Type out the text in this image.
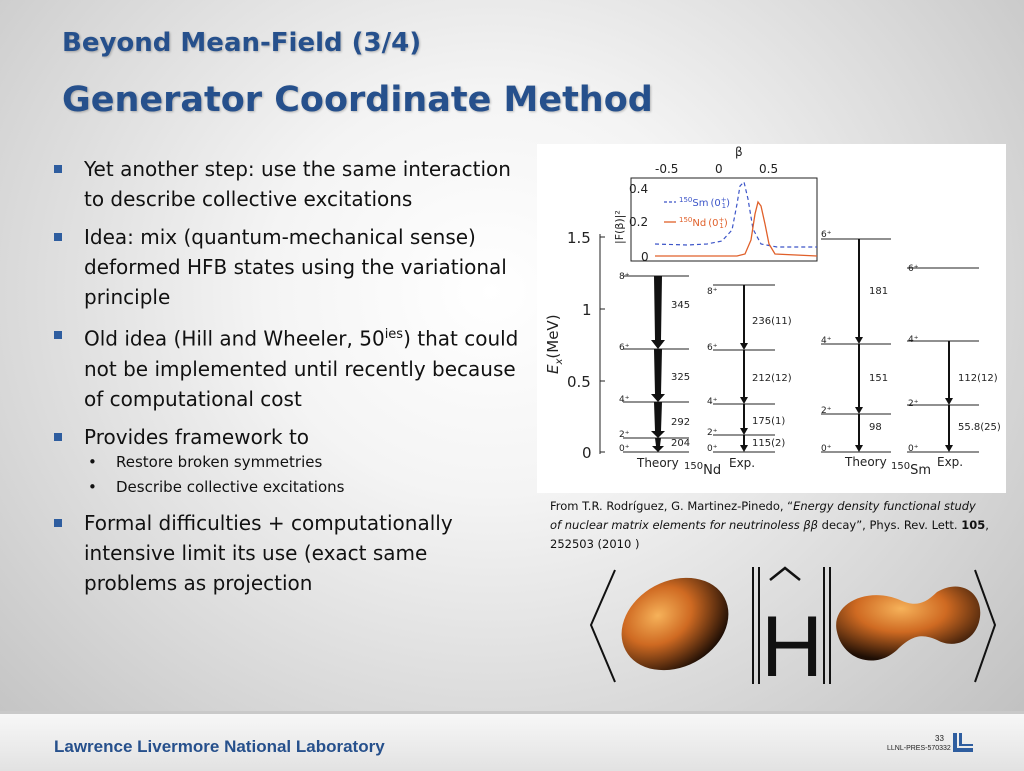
Beyond Mean-Field (3/4)
Generator Coordinate Method
Yet another step: use the same interaction to describe collective excitations
Idea: mix (quantum-mechanical sense) deformed HFB states using the variational principle
Old idea (Hill and Wheeler, $50^{ies}$) that could not be implemented until recently because of computational cost
Provides framework to
• Restore broken symmetries
• Describe collective excitations
Formal difficulties + computationally intensive limit its use (exact same problems as projection
1.5
1
0.5
0
$E_x(MeV)$
8⁺
6⁺
4⁺
2⁺
0⁺
345
325
292
204
Theory
8⁺
6⁺
4⁺
2⁺
0⁺
236(11)
212(12)
175(1)
115(2)
Exp.
6⁺
4⁺
2⁺
0⁺
181
151
98
Theory
6⁺
4⁺
2⁺
0⁺
112(12)
55.8(25)
Exp.
$^{150}$Nd	$^{150}$Sm
β
-0.5	0	0.5
0.4
0.2
0
|F(β)|²
$^{150}$Sm (0+ 1)
$^{150}$Nd (0+ 1)
From T.R. Rodríguez, G. Martinez-Pinedo, “Energy density functional study of nuclear matrix elements for neutrinoless ββ decay”, Phys. Rev. Lett. 105, 252503 (2010 )
H
Lawrence Livermore National Laboratory	33
LLNL-PRES-570332
